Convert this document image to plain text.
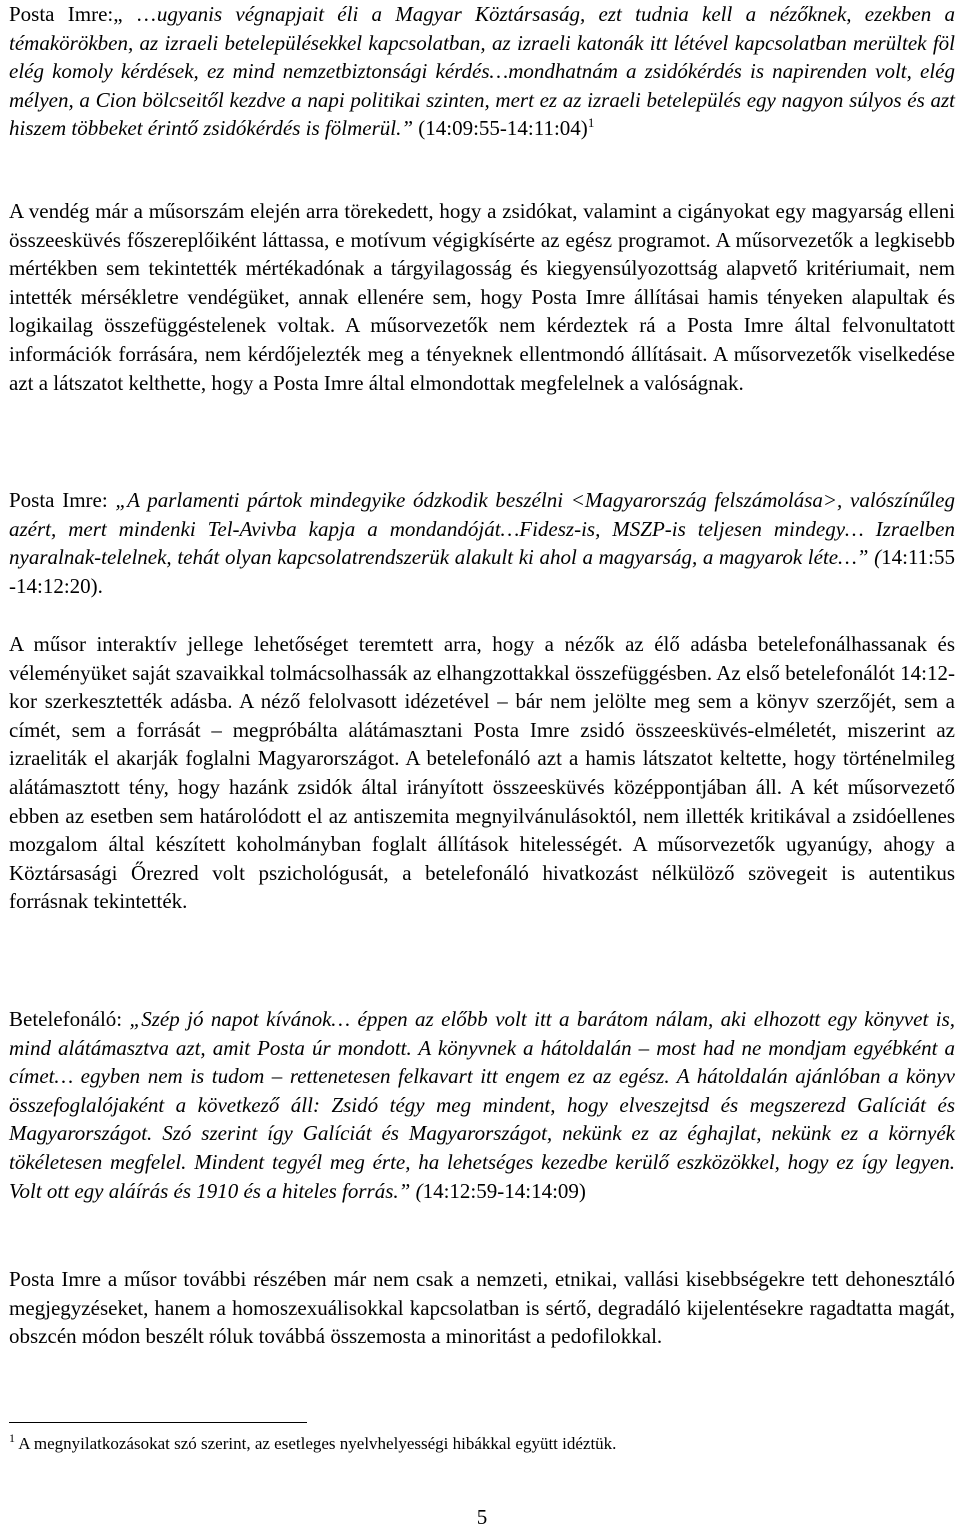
Posta Imre:„ …ugyanis végnapjait éli a Magyar Köztársaság, ezt tudnia kell a nézőknek, ezekben a témakörökben, az izraeli betelepülésekkel kapcsolatban, az izraeli katonák itt létével kapcsolatban merültek föl elég komoly kérdések, ez mind nemzetbiztonsági kérdés…mondhatnám a zsidókérdés is napirenden volt, elég mélyen, a Cion bölcseitől kezdve a napi politikai szinten, mert ez az izraeli betelepülés egy nagyon súlyos és azt hiszem többeket érintő zsidókérdés is fölmerül.” (14:09:55-14:11:04)$^1$

A vendég már a műsorszám elején arra törekedett, hogy a zsidókat, valamint a cigányokat egy magyarság elleni összeesküvés főszereplőiként láttassa, e motívum végigkísérte az egész programot. A műsorvezetők a legkisebb mértékben sem tekintették mértékadónak a tárgyilagosság és kiegyensúlyozottság alapvető kritériumait, nem intették mérsékletre vendégüket, annak ellenére sem, hogy Posta Imre állításai hamis tényeken alapultak és logikailag összefüggéstelenek voltak. A műsorvezetők nem kérdeztek rá a Posta Imre által felvonultatott információk forrására, nem kérdőjelezték meg a tényeknek ellentmondó állításait. A műsorvezetők viselkedése azt a látszatot kelthette, hogy a Posta Imre által elmondottak megfelelnek a valóságnak.

Posta Imre: „A parlamenti pártok mindegyike ódzkodik beszélni <Magyarország felszámolása>, valószínűleg azért, mert mindenki Tel-Avivba kapja a mondandóját…Fidesz-is, MSZP-is teljesen mindegy… Izraelben nyaralnak-telelnek, tehát olyan kapcsolatrendszerük alakult ki ahol a magyarság, a magyarok léte…” (14:11:55 -14:12:20).

A műsor interaktív jellege lehetőséget teremtett arra, hogy a nézők az élő adásba betelefonálhassanak és véleményüket saját szavaikkal tolmácsolhassák az elhangzottakkal összefüggésben. Az első betelefonálót 14:12-kor szerkesztették adásba. A néző felolvasott idézetével – bár nem jelölte meg sem a könyv szerzőjét, sem a címét, sem a forrását – megpróbálta alátámasztani Posta Imre zsidó összeesküvés-elméletét, miszerint az izraeliták el akarják foglalni Magyarországot. A betelefonáló azt a hamis látszatot keltette, hogy történelmileg alátámasztott tény, hogy hazánk zsidók által irányított összeesküvés középpontjában áll. A két műsorvezető ebben az esetben sem határolódott el az antiszemita megnyilvánulásoktól, nem illették kritikával a zsidóellenes mozgalom által készített koholmányban foglalt állítások hitelességét. A műsorvezetők ugyanúgy, ahogy a Köztársasági Őrezred volt pszichológusát, a betelefonáló hivatkozást nélkülöző szövegeit is autentikus forrásnak tekintették.

Betelefonáló: „Szép jó napot kívánok… éppen az előbb volt itt a barátom nálam, aki elhozott egy könyvet is, mind alátámasztva azt, amit Posta úr mondott. A könyvnek a hátoldalán – most had ne mondjam egyébként a címet… egyben nem is tudom – rettenetesen felkavart itt engem ez az egész. A hátoldalán ajánlóban a könyv összefoglalójaként a következő áll: Zsidó tégy meg mindent, hogy elveszejtsd és megszerezd Galíciát és Magyarországot. Szó szerint így Galíciát és Magyarországot, nekünk ez az éghajlat, nekünk ez a környék tökéletesen megfelel. Mindent tegyél meg érte, ha lehetséges kezedbe kerülő eszközökkel, hogy ez így legyen. Volt ott egy aláírás és 1910 és a hiteles forrás.” (14:12:59-14:14:09)

Posta Imre a műsor további részében már nem csak a nemzeti, etnikai, vallási kisebbségekre tett dehonesztáló megjegyzéseket, hanem a homoszexuálisokkal kapcsolatban is sértő, degradáló kijelentésekre ragadtatta magát, obszcén módon beszélt róluk továbbá összemosta a minoritást a pedofilokkal.

$^1$ A megnyilatkozásokat szó szerint, az esetleges nyelvhelyességi hibákkal együtt idéztük.

5
